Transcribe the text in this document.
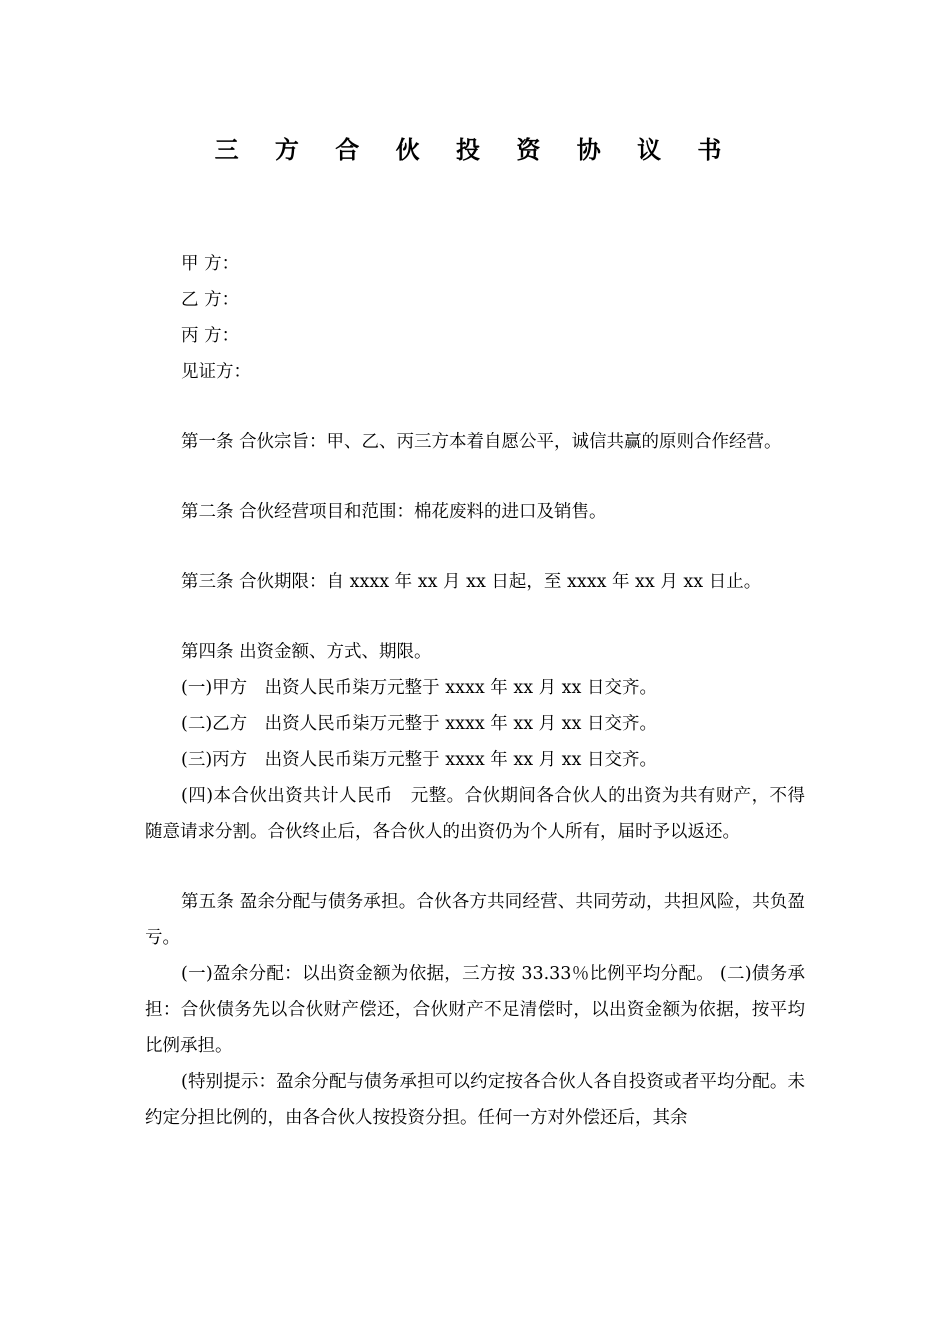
三 方 合 伙 投 资 协 议 书

甲 方：

乙 方：

丙 方：

见证方：

第一条 合伙宗旨：甲、乙、丙三方本着自愿公平，诚信共赢的原则合作经营。

第二条 合伙经营项目和范围：棉花废料的进口及销售。

第三条 合伙期限：自 xxxx 年 xx 月 xx 日起，至 xxxx 年 xx 月 xx 日止。

第四条 出资金额、方式、期限。

(一)甲方　出资人民币柒万元整于 xxxx 年 xx 月 xx 日交齐。

(二)乙方　出资人民币柒万元整于 xxxx 年 xx 月 xx 日交齐。

(三)丙方　出资人民币柒万元整于 xxxx 年 xx 月 xx 日交齐。

(四)本合伙出资共计人民币　元整。合伙期间各合伙人的出资为共有财产，不得随意请求分割。合伙终止后，各合伙人的出资仍为个人所有，届时予以返还。

第五条 盈余分配与债务承担。合伙各方共同经营、共同劳动，共担风险，共负盈亏。

(一)盈余分配：以出资金额为依据，三方按 33.33％比例平均分配。 (二)债务承担：合伙债务先以合伙财产偿还，合伙财产不足清偿时，以出资金额为依据，按平均比例承担。

(特别提示：盈余分配与债务承担可以约定按各合伙人各自投资或者平均分配。未约定分担比例的，由各合伙人按投资分担。任何一方对外偿还后，其余
